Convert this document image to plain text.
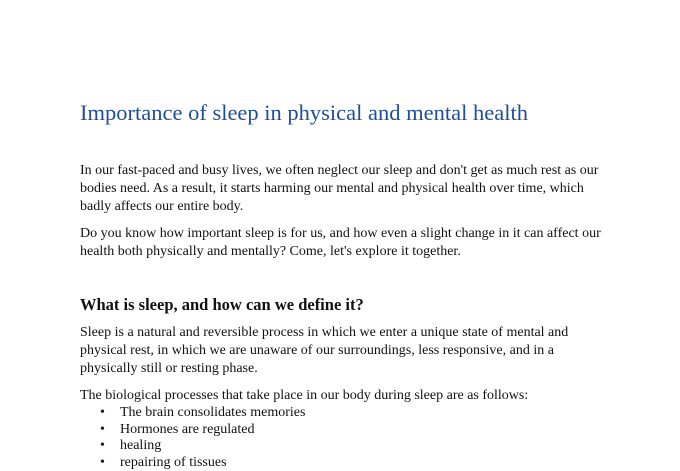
Importance of sleep in physical and mental health

In our fast-paced and busy lives, we often neglect our sleep and don't get as much rest as our bodies need. As a result, it starts harming our mental and physical health over time, which badly affects our entire body.

Do you know how important sleep is for us, and how even a slight change in it can affect our health both physically and mentally? Come, let's explore it together.

What is sleep, and how can we define it?

Sleep is a natural and reversible process in which we enter a unique state of mental and physical rest, in which we are unaware of our surroundings, less responsive, and in a physically still or resting phase.

The biological processes that take place in our body during sleep are as follows:

• The brain consolidates memories
• Hormones are regulated
• healing
• repairing of tissues
